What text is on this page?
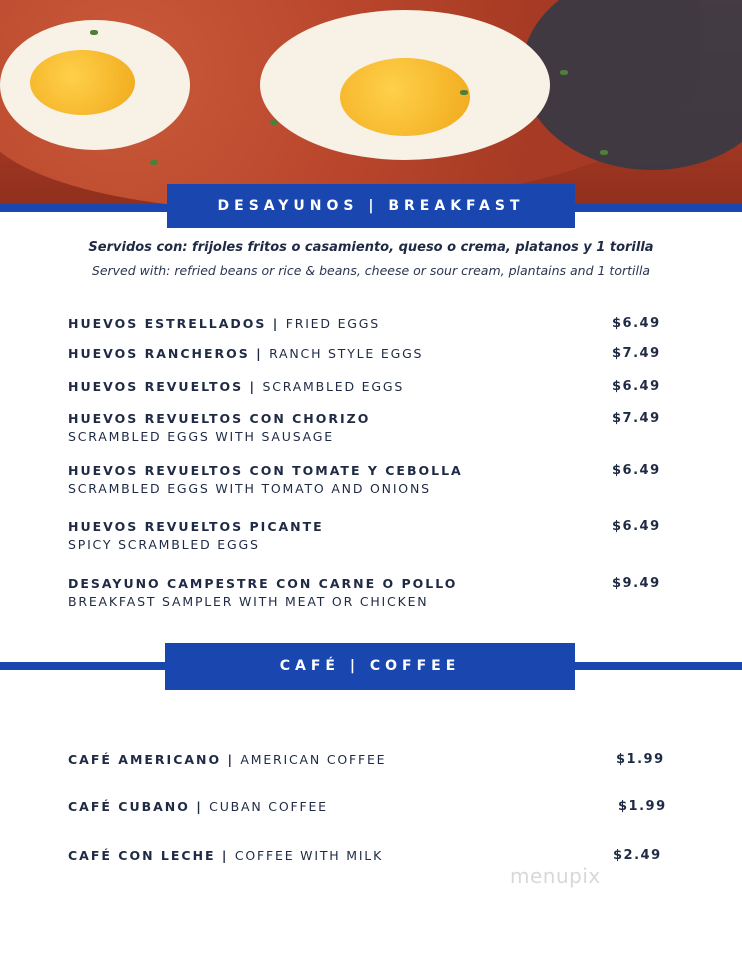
DESAYUNOS | BREAKFAST
Servidos con: frijoles fritos o casamiento, queso o crema, platanos y 1 torilla
Served with: refried beans or rice & beans, cheese or sour cream, plantains and 1 tortilla
HUEVOS ESTRELLADOS | FRIED EGGS	$6.49
HUEVOS RANCHEROS | RANCH STYLE EGGS	$7.49
HUEVOS REVUELTOS | SCRAMBLED EGGS	$6.49
HUEVOS REVUELTOS CON CHORIZO
SCRAMBLED EGGS WITH SAUSAGE
$7.49
HUEVOS REVUELTOS CON TOMATE Y CEBOLLA
SCRAMBLED EGGS WITH TOMATO AND ONIONS
$6.49
HUEVOS REVUELTOS PICANTE
SPICY SCRAMBLED EGGS
$6.49
DESAYUNO CAMPESTRE CON CARNE O POLLO
BREAKFAST SAMPLER WITH MEAT OR CHICKEN
$9.49
CAFÉ | COFFEE
CAFÉ AMERICANO | AMERICAN COFFEE	$1.99
CAFÉ CUBANO | CUBAN COFFEE	$1.99
CAFÉ CON LECHE | COFFEE WITH MILK	$2.49
menupix
